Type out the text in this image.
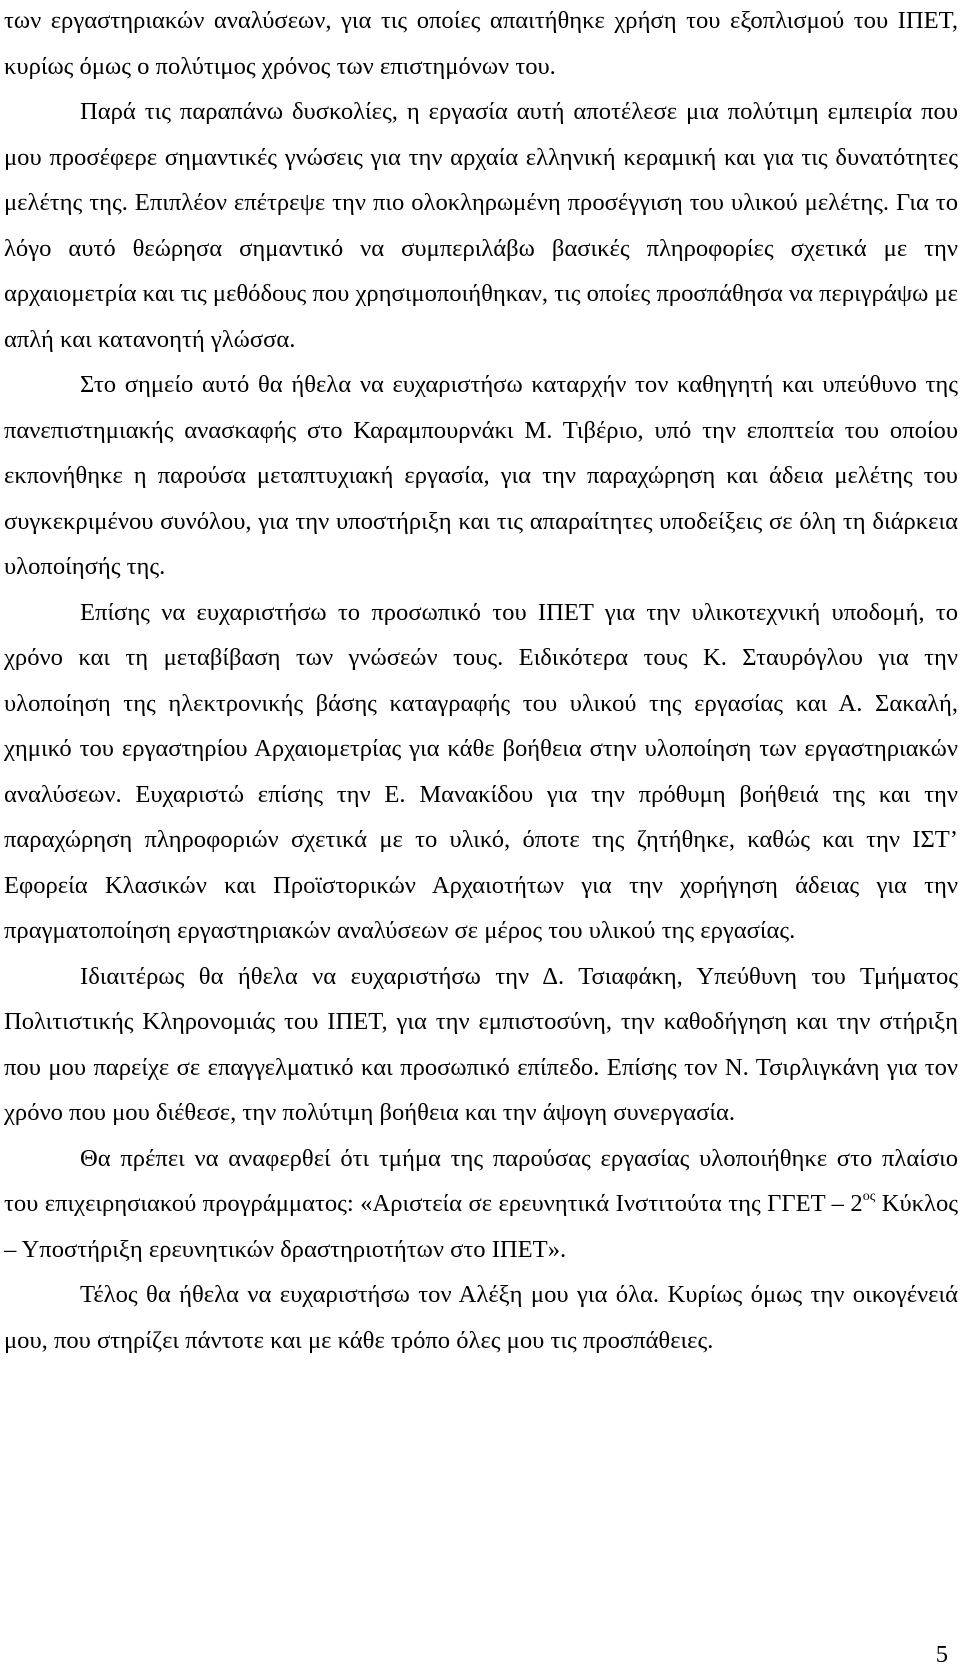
των εργαστηριακών αναλύσεων, για τις οποίες απαιτήθηκε χρήση του εξοπλισμού του ΙΠΕΤ, κυρίως όμως ο πολύτιμος χρόνος των επιστημόνων του.

Παρά τις παραπάνω δυσκολίες, η εργασία αυτή αποτέλεσε μια πολύτιμη εμπειρία που μου προσέφερε σημαντικές γνώσεις για την αρχαία ελληνική κεραμική και για τις δυνατότητες μελέτης της. Επιπλέον επέτρεψε την πιο ολοκληρωμένη προσέγγιση του υλικού μελέτης. Για το λόγο αυτό θεώρησα σημαντικό να συμπεριλάβω βασικές πληροφορίες σχετικά με την αρχαιομετρία και τις μεθόδους που χρησιμοποιήθηκαν, τις οποίες προσπάθησα να περιγράψω με απλή και κατανοητή γλώσσα.

Στο σημείο αυτό θα ήθελα να ευχαριστήσω καταρχήν τον καθηγητή και υπεύθυνο της πανεπιστημιακής ανασκαφής στο Καραμπουρνάκι Μ. Τιβέριο, υπό την εποπτεία του οποίου εκπονήθηκε η παρούσα μεταπτυχιακή εργασία, για την παραχώρηση και άδεια μελέτης του συγκεκριμένου συνόλου, για την υποστήριξη και τις απαραίτητες υποδείξεις σε όλη τη διάρκεια υλοποίησής της.

Επίσης να ευχαριστήσω το προσωπικό του ΙΠΕΤ για την υλικοτεχνική υποδομή, το χρόνο και τη μεταβίβαση των γνώσεών τους. Ειδικότερα τους Κ. Σταυρόγλου για την υλοποίηση της ηλεκτρονικής βάσης καταγραφής του υλικού της εργασίας και Α. Σακαλή, χημικό του εργαστηρίου Αρχαιομετρίας για κάθε βοήθεια στην υλοποίηση των εργαστηριακών αναλύσεων. Ευχαριστώ επίσης την Ε. Μανακίδου για την πρόθυμη βοήθειά της και την παραχώρηση πληροφοριών σχετικά με το υλικό, όποτε της ζητήθηκε, καθώς και την ΙΣΤ’ Εφορεία Κλασικών και Προϊστορικών Αρχαιοτήτων για την χορήγηση άδειας για την πραγματοποίηση εργαστηριακών αναλύσεων σε μέρος του υλικού της εργασίας.

Ιδιαιτέρως θα ήθελα να ευχαριστήσω την Δ. Τσιαφάκη, Υπεύθυνη του Τμήματος Πολιτιστικής Κληρονομιάς του ΙΠΕΤ, για την εμπιστοσύνη, την καθοδήγηση και την στήριξη που μου παρείχε σε επαγγελματικό και προσωπικό επίπεδο. Επίσης τον Ν. Τσιρλιγκάνη για τον χρόνο που μου διέθεσε, την πολύτιμη βοήθεια και την άψογη συνεργασία.

Θα πρέπει να αναφερθεί ότι τμήμα της παρούσας εργασίας υλοποιήθηκε στο πλαίσιο του επιχειρησιακού προγράμματος: «Αριστεία σε ερευνητικά Ινστιτούτα της ΓΓΕΤ – $2^{o\varsigma}$ Κύκλος – Υποστήριξη ερευνητικών δραστηριοτήτων στο ΙΠΕΤ».

Τέλος θα ήθελα να ευχαριστήσω τον Αλέξη μου για όλα. Κυρίως όμως την οικογένειά μου, που στηρίζει πάντοτε και με κάθε τρόπο όλες μου τις προσπάθειες.

5
